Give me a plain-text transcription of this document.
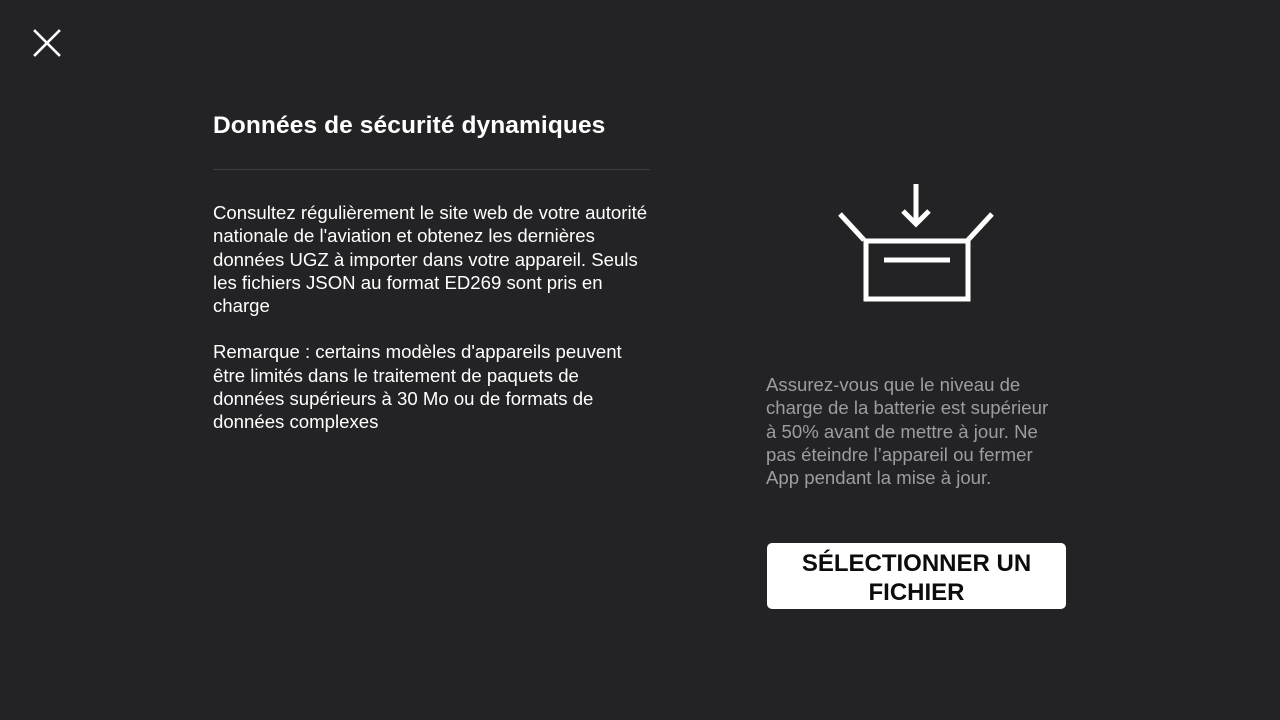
Données de sécurité dynamiques

Consultez régulièrement le site web de votre autorité nationale de l'aviation et obtenez les dernières données UGZ à importer dans votre appareil. Seuls les fichiers JSON au format ED269 sont pris en charge

Remarque : certains modèles d'appareils peuvent être limités dans le traitement de paquets de données supérieurs à 30 Mo ou de formats de données complexes

Assurez-vous que le niveau de charge de la batterie est supérieur à 50% avant de mettre à jour. Ne pas éteindre l’appareil ou fermer App pendant la mise à jour.

SÉLECTIONNER UN FICHIER
